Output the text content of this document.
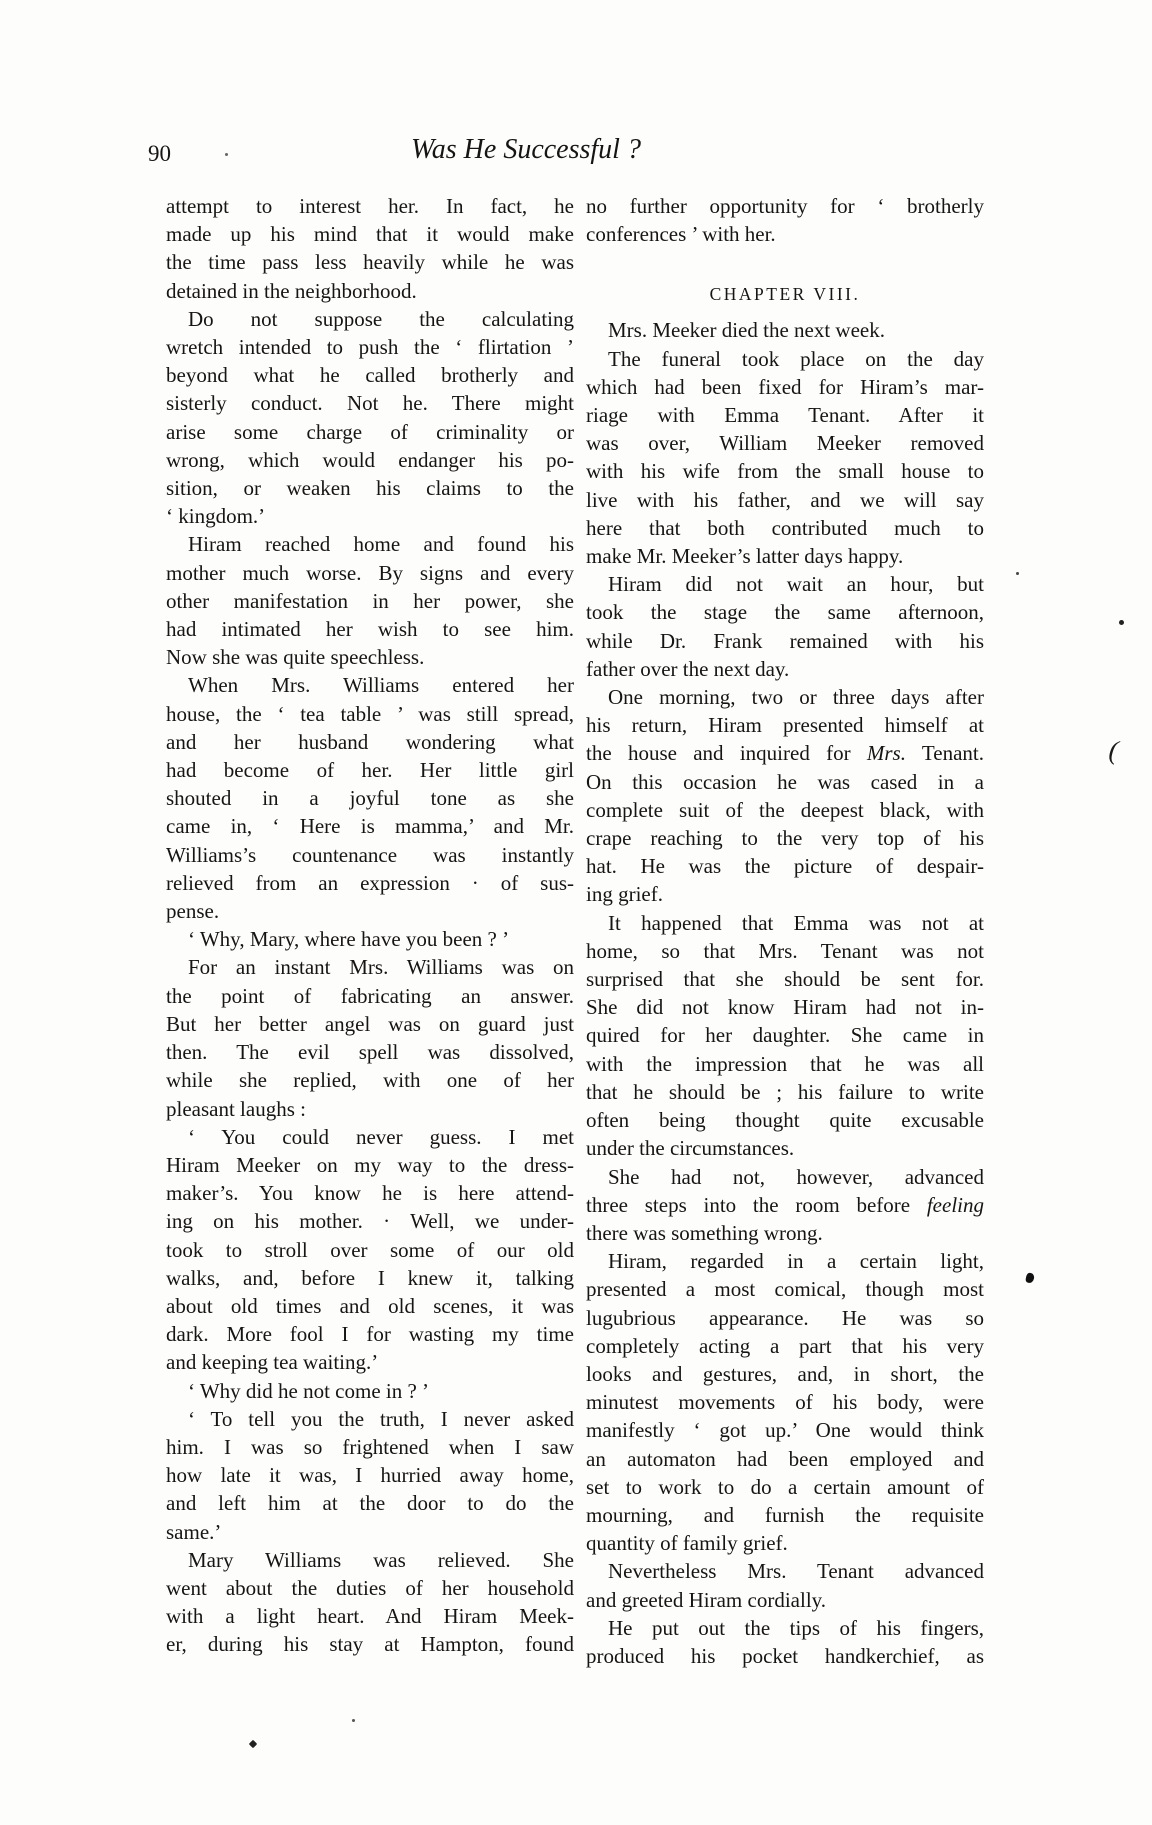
90	Was He Successful ?
attempt to interest her. In fact, he
made up his mind that it would make
the time pass less heavily while he was
detained in the neighborhood.
Do not suppose the calculating
wretch intended to push the ‘ flirtation ’
beyond what he called brotherly and
sisterly conduct. Not he. There might
arise some charge of criminality or
wrong, which would endanger his po-
sition, or weaken his claims to the
‘ kingdom.’
Hiram reached home and found his
mother much worse. By signs and every
other manifestation in her power, she
had intimated her wish to see him.
Now she was quite speechless.
When Mrs. Williams entered her
house, the ‘ tea table ’ was still spread,
and her husband wondering what
had become of her. Her little girl
shouted in a joyful tone as she
came in, ‘ Here is mamma,’ and Mr.
Williams’s countenance was instantly
relieved from an expression · of sus-
pense.
‘ Why, Mary, where have you been ? ’
For an instant Mrs. Williams was on
the point of fabricating an answer.
But her better angel was on guard just
then. The evil spell was dissolved,
while she replied, with one of her
pleasant laughs :
‘ You could never guess. I met
Hiram Meeker on my way to the dress-
maker’s. You know he is here attend-
ing on his mother. · Well, we under-
took to stroll over some of our old
walks, and, before I knew it, talking
about old times and old scenes, it was
dark. More fool I for wasting my time
and keeping tea waiting.’
‘ Why did he not come in ? ’
‘ To tell you the truth, I never asked
him. I was so frightened when I saw
how late it was, I hurried away home,
and left him at the door to do the
same.’
Mary Williams was relieved. She
went about the duties of her household
with a light heart. And Hiram Meek-
er, during his stay at Hampton, found
no further opportunity for ‘ brotherly
conferences ’ with her.
CHAPTER VIII.
Mrs. Meeker died the next week.
The funeral took place on the day
which had been fixed for Hiram’s mar-
riage with Emma Tenant. After it
was over, William Meeker removed
with his wife from the small house to
live with his father, and we will say
here that both contributed much to
make Mr. Meeker’s latter days happy.
Hiram did not wait an hour, but
took the stage the same afternoon,
while Dr. Frank remained with his
father over the next day.
One morning, two or three days after
his return, Hiram presented himself at
the house and inquired for Mrs. Tenant.
On this occasion he was cased in a
complete suit of the deepest black, with
crape reaching to the very top of his
hat. He was the picture of despair-
ing grief.
It happened that Emma was not at
home, so that Mrs. Tenant was not
surprised that she should be sent for.
She did not know Hiram had not in-
quired for her daughter. She came in
with the impression that he was all
that he should be ; his failure to write
often being thought quite excusable
under the circumstances.
She had not, however, advanced
three steps into the room before feeling
there was something wrong.
Hiram, regarded in a certain light,
presented a most comical, though most
lugubrious appearance. He was so
completely acting a part that his very
looks and gestures, and, in short, the
minutest movements of his body, were
manifestly ‘ got up.’ One would think
an automaton had been employed and
set to work to do a certain amount of
mourning, and furnish the requisite
quantity of family grief.
Nevertheless Mrs. Tenant advanced
and greeted Hiram cordially.
He put out the tips of his fingers,
produced his pocket handkerchief, as
(
